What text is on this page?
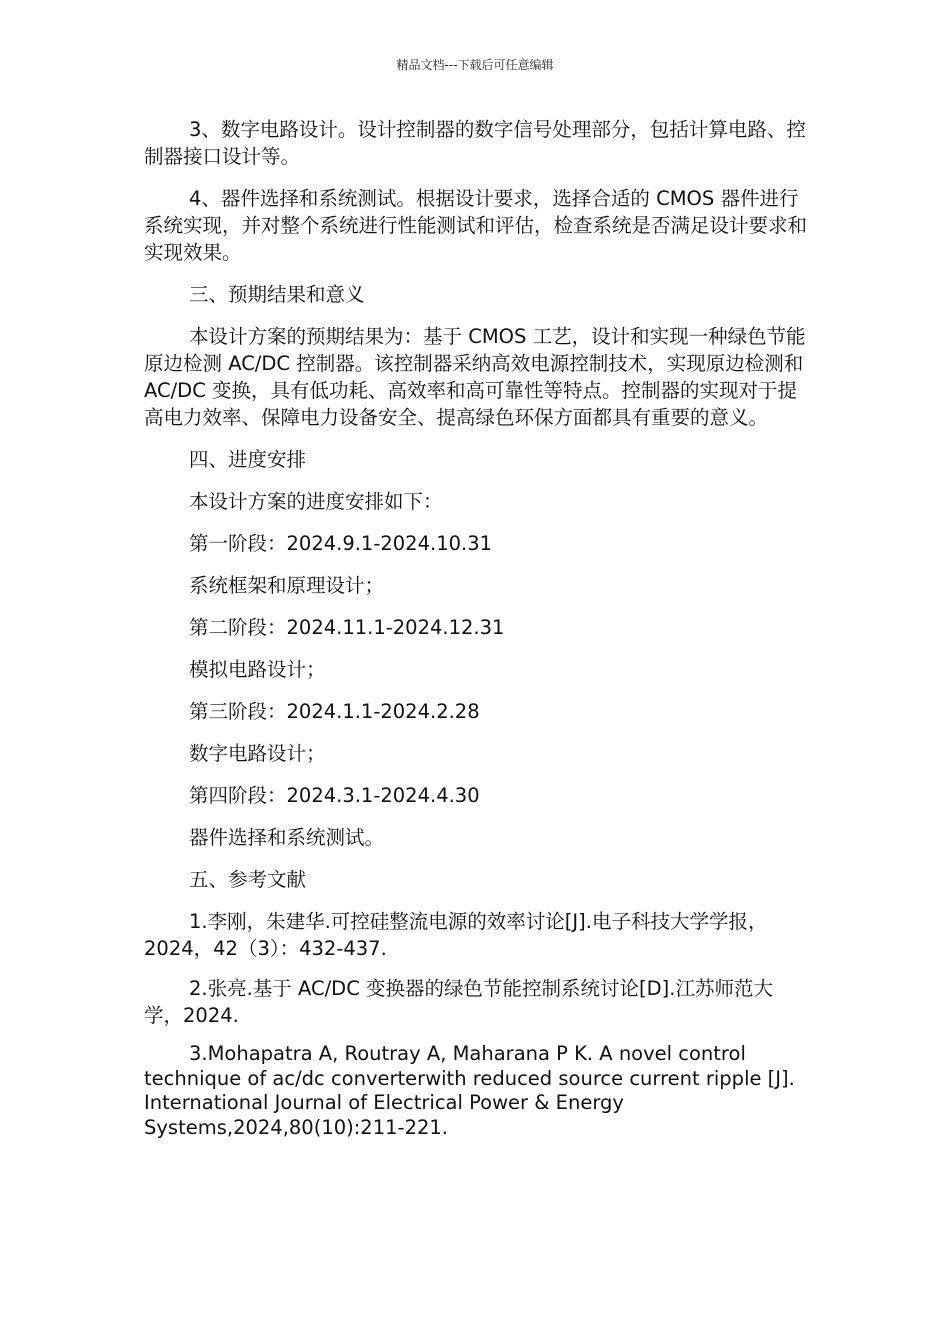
精品文档---下载后可任意编辑

3、数字电路设计。设计控制器的数字信号处理部分，包括计算电路、控制器接口设计等。

4、器件选择和系统测试。根据设计要求，选择合适的 CMOS 器件进行系统实现，并对整个系统进行性能测试和评估，检查系统是否满足设计要求和实现效果。

三、预期结果和意义

本设计方案的预期结果为：基于 CMOS 工艺，设计和实现一种绿色节能原边检测 AC/DC 控制器。该控制器采纳高效电源控制技术，实现原边检测和 AC/DC 变换，具有低功耗、高效率和高可靠性等特点。控制器的实现对于提高电力效率、保障电力设备安全、提高绿色环保方面都具有重要的意义。

四、进度安排

本设计方案的进度安排如下：

第一阶段：2024.9.1-2024.10.31

系统框架和原理设计；

第二阶段：2024.11.1-2024.12.31

模拟电路设计；

第三阶段：2024.1.1-2024.2.28

数字电路设计；

第四阶段：2024.3.1-2024.4.30

器件选择和系统测试。

五、参考文献

1.李刚，朱建华.可控硅整流电源的效率讨论[J].电子科技大学学报，2024，42（3）：432-437.

2.张亮.基于 AC/DC 变换器的绿色节能控制系统讨论[D].江苏师范大学，2024.

3.Mohapatra A, Routray A, Maharana P K. A novel control technique of ac/dc converterwith reduced source current ripple [J]. International Journal of Electrical Power & Energy Systems,2024,80(10):211-221.
